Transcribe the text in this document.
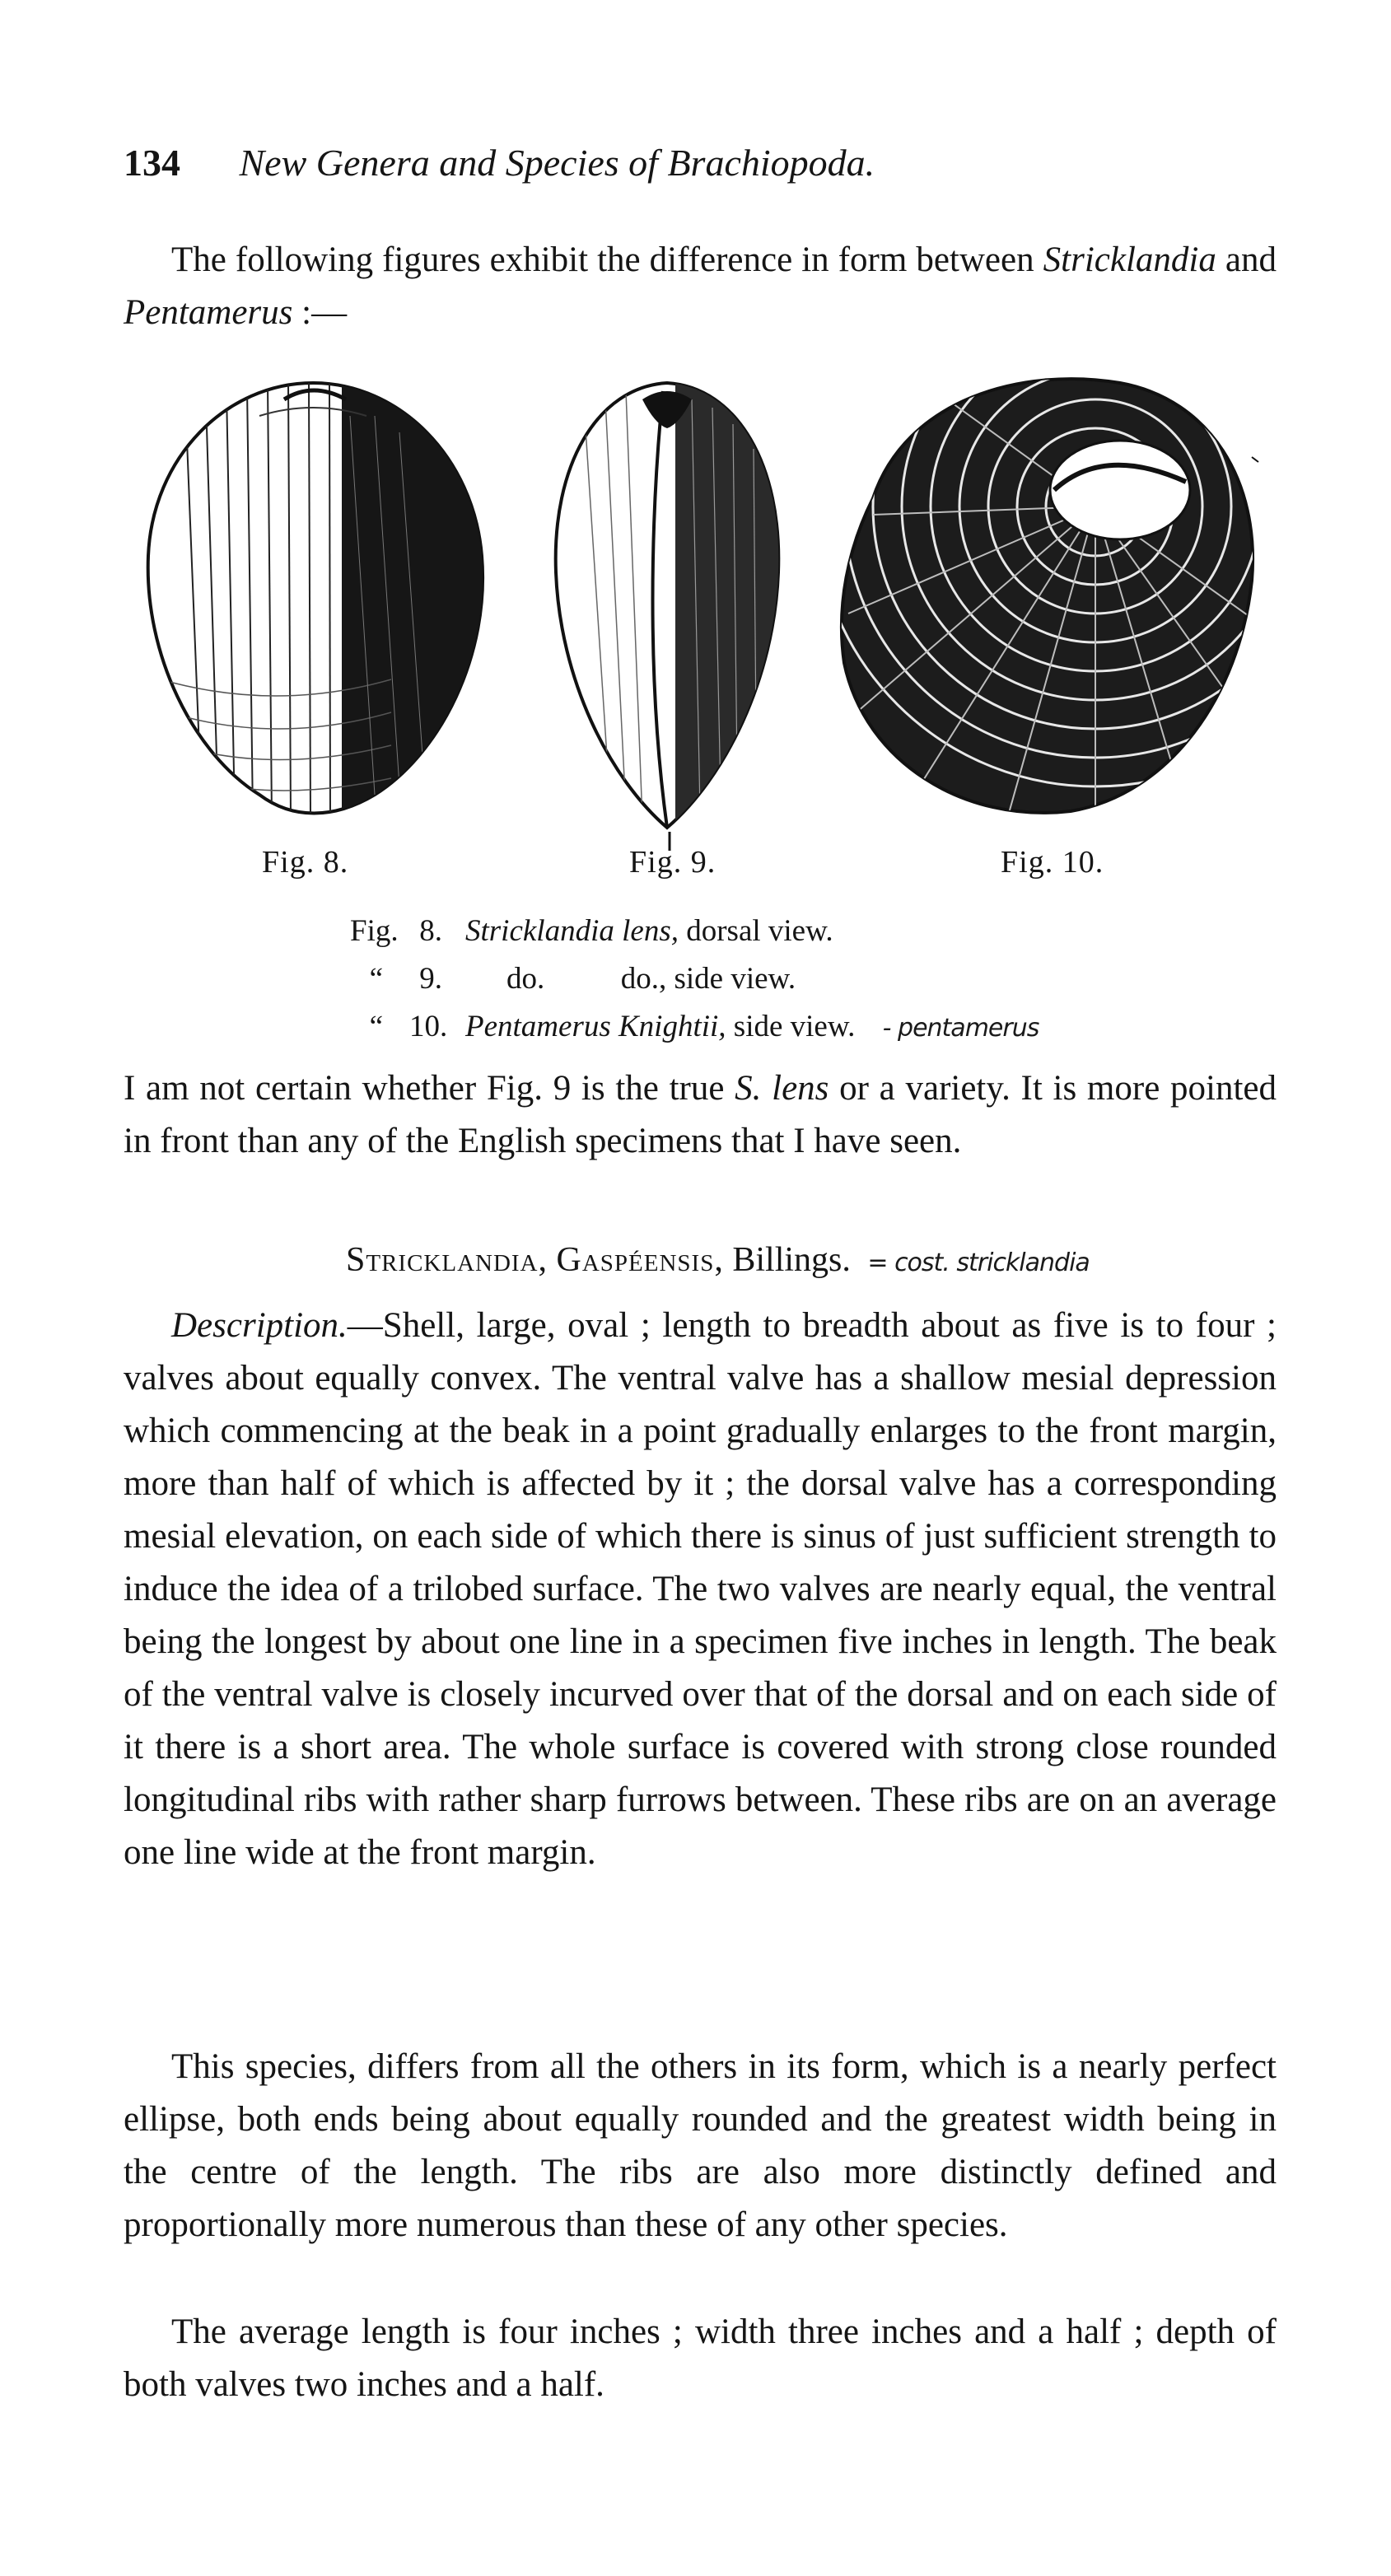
134 New Genera and Species of Brachiopoda.

The following figures exhibit the difference in form between Stricklandia and Pentamerus :—

Fig. 8.	Fig. 9.	Fig. 10.
Fig. 8. Stricklandia lens, dorsal view.
“	9. do.          do., side view.
“ 10. Pentamerus Knightii, side view. - pentamerus

I am not certain whether Fig. 9 is the true S. lens or a variety. It is more pointed in front than any of the English specimens that I have seen.

Stricklandia, Gaspéensis, Billings. = cost. stricklandia

Description.—Shell, large, oval ; length to breadth about as five is to four ; valves about equally convex. The ventral valve has a shallow mesial depression which commencing at the beak in a point gradually enlarges to the front margin, more than half of which is affected by it ; the dorsal valve has a corresponding mesial elevation, on each side of which there is sinus of just sufficient strength to induce the idea of a trilobed surface. The two valves are nearly equal, the ventral being the longest by about one line in a specimen five inches in length. The beak of the ventral valve is closely incurved over that of the dorsal and on each side of it there is a short area. The whole surface is covered with strong close rounded longitudinal ribs with rather sharp furrows between. These ribs are on an average one line wide at the front margin.

This species, differs from all the others in its form, which is a nearly perfect ellipse, both ends being about equally rounded and the greatest width being in the centre of the length. The ribs are also more distinctly defined and proportionally more numerous than these of any other species.

The average length is four inches ; width three inches and a half ; depth of both valves two inches and a half.
